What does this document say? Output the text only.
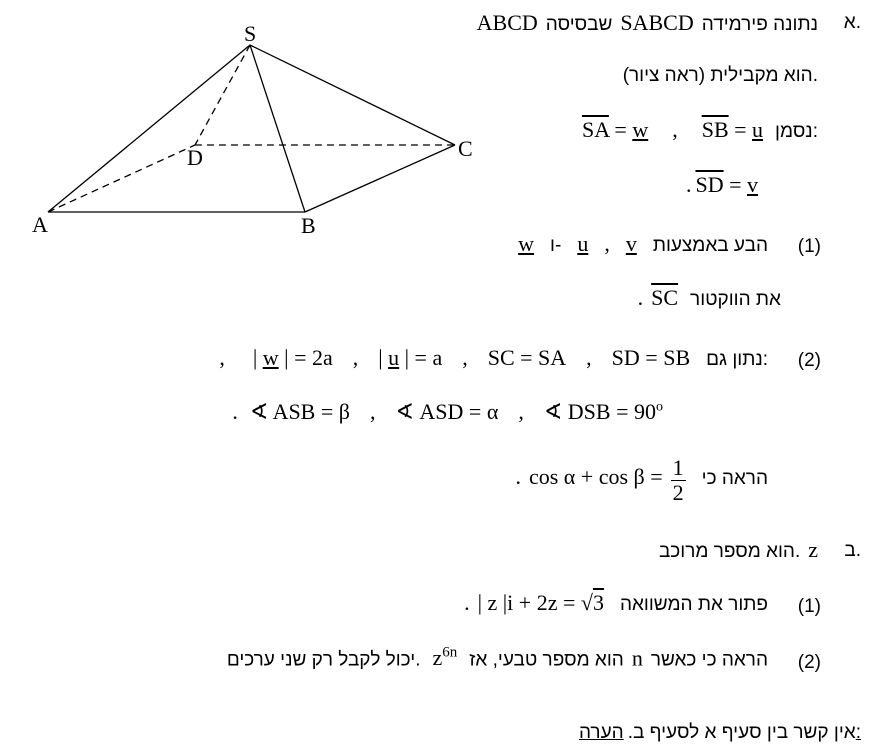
S
A	B
C
D
א.
ABCD שבסיסה SABCD נתונה פירמידה
הוא מקבילית (ראה ציור).
$\overline{SA} = w$ , $\overline{SB} = u$ נסמן:
. $\overline{SD} = v$
(1)
w ו- u , v הבע באמצעות
. $\overline{SC}$ את הווקטור
(2)
, | w | = 2a , | u | = a , SC = SA , SD = SB נתון גם:
. ∢ ASB = β , ∢ ASD = α , ∢ DSB = $90^o$
. $\cos \alpha + \cos \beta = \frac{1}{2}$ הראה כי
ב.
הוא מספר מרוכב. z
(1)
. | z |i + 2z = √3 פתור את המשוואה
(2)
יכול לקבל רק שני ערכים. $z^{6n}$ הוא מספר טבעי, אז n הראה כי כאשר
אין קשר בין סעיף א לסעיף ב. הערה:
